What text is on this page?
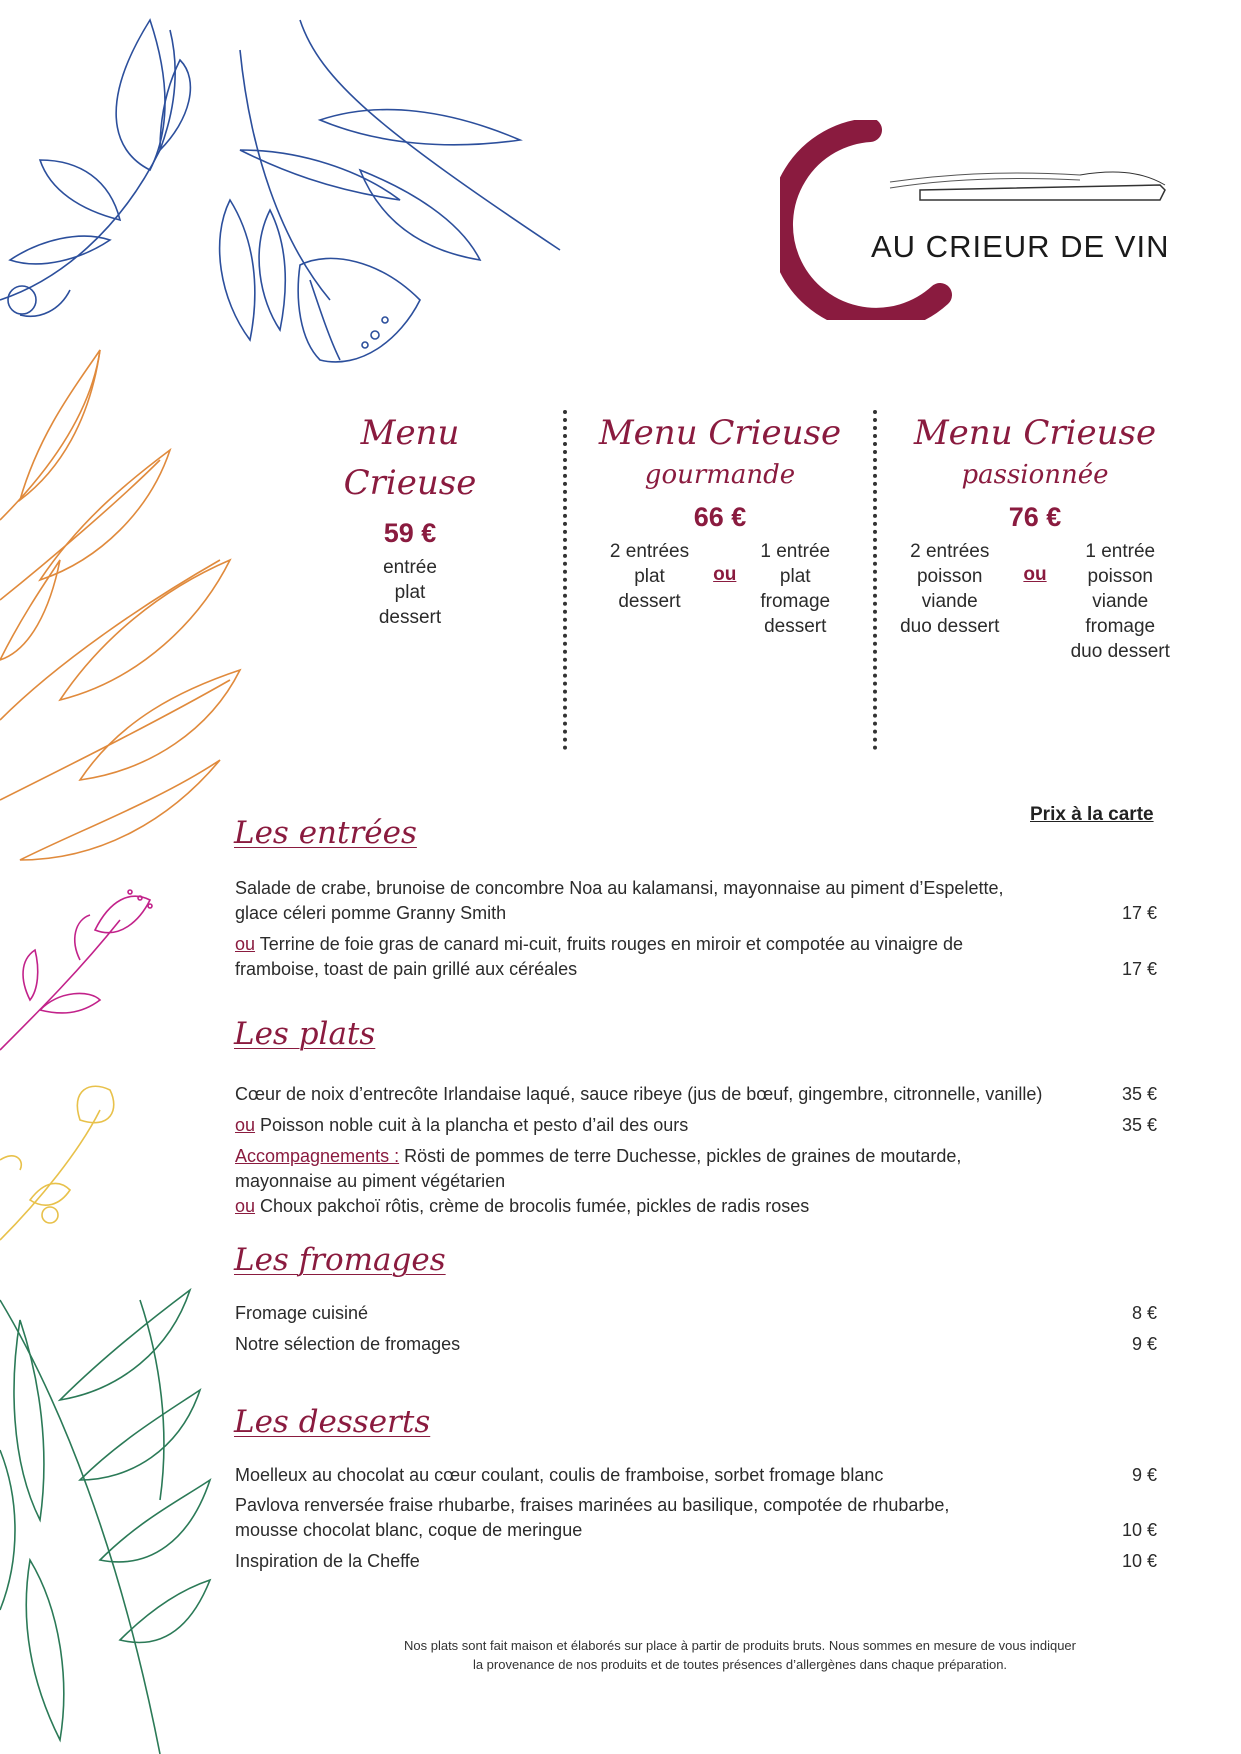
AU CRIEUR DE VIN
Menu Crieuse
59 €
entrée
plat
dessert
Menu Crieuse
gourmande
66 €
2 entrées
plat
dessert
ou
1 entrée
plat
fromage
dessert
Menu Crieuse
passionnée
76 €
2 entrées
poisson
viande
duo dessert
ou
1 entrée
poisson
viande
fromage
duo dessert
Prix à la carte
Les entrées
Salade de crabe, brunoise de concombre Noa au kalamansi, mayonnaise au piment d’Espelette, glace céleri pomme Granny Smith	17 €
ou Terrine de foie gras de canard mi-cuit, fruits rouges en miroir et compotée au vinaigre de framboise, toast de pain grillé aux céréales	17 €
Les plats
Cœur de noix d’entrecôte Irlandaise laqué, sauce ribeye (jus de bœuf, gingembre, citronnelle, vanille)	35 €
ou Poisson noble cuit à la plancha et pesto d’ail des ours	35 €
Accompagnements : Rösti de pommes de terre Duchesse, pickles de graines de moutarde, mayonnaise au piment végétarien
ou Choux pakchoï rôtis, crème de brocolis fumée, pickles de radis roses
Les fromages
Fromage cuisiné	8 €
Notre sélection de fromages	9 €
Les desserts
Moelleux au chocolat au cœur coulant, coulis de framboise, sorbet fromage blanc	9 €
Pavlova renversée fraise rhubarbe, fraises marinées au basilique, compotée de rhubarbe, mousse chocolat blanc, coque de meringue	10 €
Inspiration de la Cheffe	10 €
Nos plats sont fait maison et élaborés sur place à partir de produits bruts. Nous sommes en mesure de vous indiquer la provenance de nos produits et de toutes présences d’allergènes dans chaque préparation.
